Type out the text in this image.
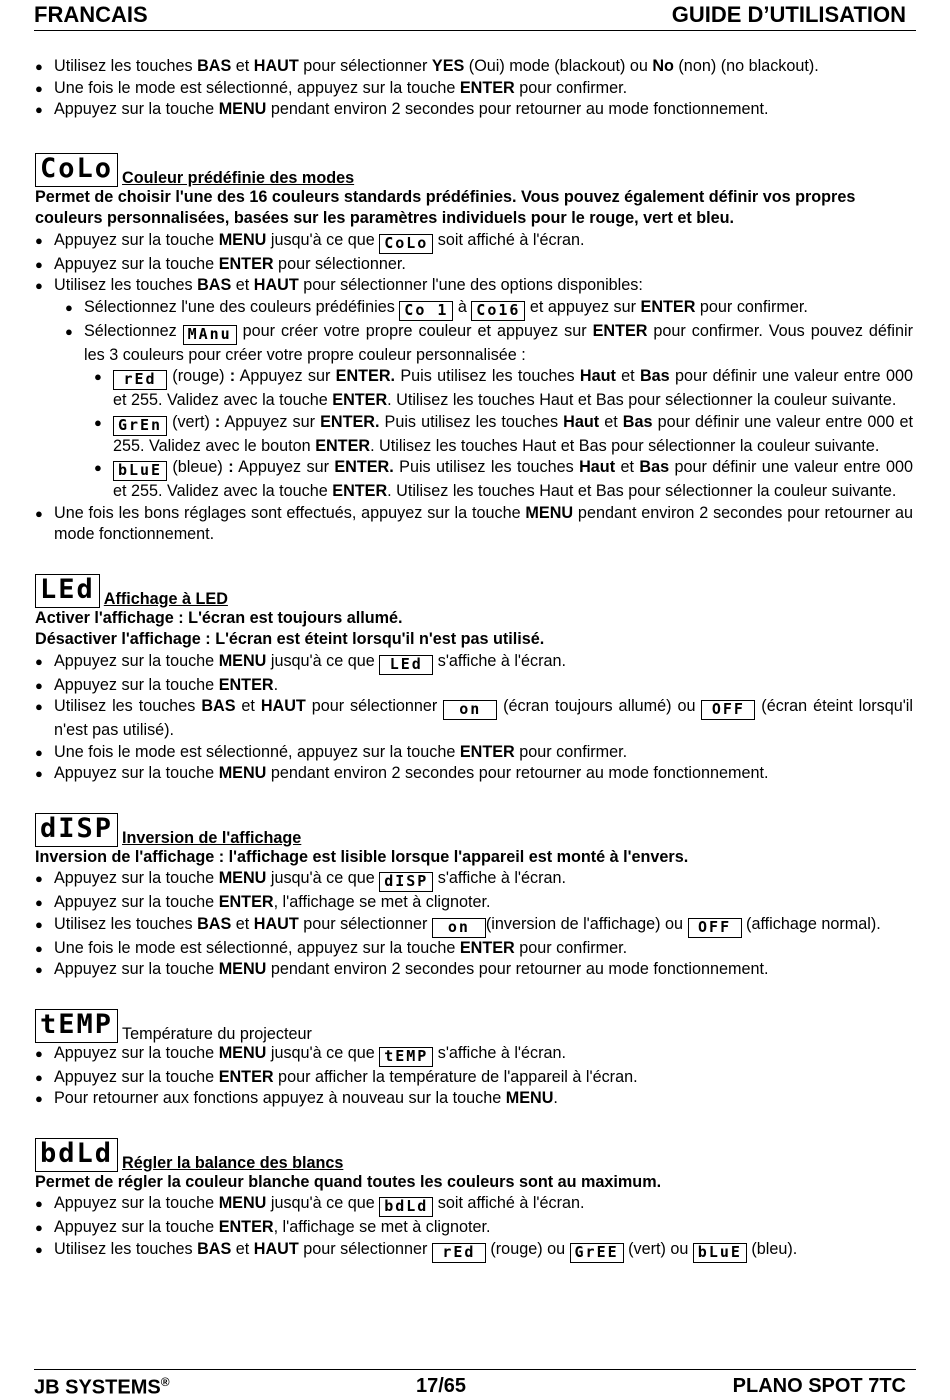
FRANCAIS	GUIDE D’UTILISATION
● Utilisez les touches BAS et HAUT pour sélectionner YES (Oui) mode (blackout) ou No (non) (no blackout).
● Une fois le mode est sélectionné, appuyez sur la touche ENTER pour confirmer.
● Appuyez sur la touche MENU pendant environ 2 secondes pour retourner au mode fonctionnement.
CoLo Couleur prédéfinie des modes
Permet de choisir l'une des 16 couleurs standards prédéfinies. Vous pouvez également définir vos propres couleurs personnalisées, basées sur les paramètres individuels pour le rouge, vert et bleu.
● Appuyez sur la touche MENU jusqu'à ce que CoLo soit affiché à l'écran.
● Appuyez sur la touche ENTER pour sélectionner.
● Utilisez les touches BAS et HAUT pour sélectionner l'une des options disponibles:
● Sélectionnez l'une des couleurs prédéfinies Co 1 à Co16 et appuyez sur ENTER pour confirmer.
● Sélectionnez MAnu pour créer votre propre couleur et appuyez sur ENTER pour confirmer. Vous pouvez définir les 3 couleurs pour créer votre propre couleur personnalisée :
● rEd (rouge) : Appuyez sur ENTER. Puis utilisez les touches Haut et Bas pour définir une valeur entre 000 et 255. Validez avec la touche ENTER. Utilisez les touches Haut et Bas pour sélectionner la couleur suivante.
● GrEn (vert) : Appuyez sur ENTER. Puis utilisez les touches Haut et Bas pour définir une valeur entre 000 et 255. Validez avec le bouton ENTER. Utilisez les touches Haut et Bas pour sélectionner la couleur suivante.
● bLuE (bleue) : Appuyez sur ENTER. Puis utilisez les touches Haut et Bas pour définir une valeur entre 000 et 255. Validez avec la touche ENTER. Utilisez les touches Haut et Bas pour sélectionner la couleur suivante.
● Une fois les bons réglages sont effectués, appuyez sur la touche MENU pendant environ 2 secondes pour retourner au mode fonctionnement.
LEd Affichage à LED
Activer l'affichage : L'écran est toujours allumé.
Désactiver l'affichage : L'écran est éteint lorsqu'il n'est pas utilisé.
● Appuyez sur la touche MENU jusqu'à ce que LEd s'affiche à l'écran.
● Appuyez sur la touche ENTER.
● Utilisez les touches BAS et HAUT pour sélectionner on (écran toujours allumé) ou OFF (écran éteint lorsqu'il n'est pas utilisé).
● Une fois le mode est sélectionné, appuyez sur la touche ENTER pour confirmer.
● Appuyez sur la touche MENU pendant environ 2 secondes pour retourner au mode fonctionnement.
dISP Inversion de l'affichage
Inversion de l'affichage : l'affichage est lisible lorsque l'appareil est monté à l'envers.
● Appuyez sur la touche MENU jusqu'à ce que dISP s'affiche à l'écran.
● Appuyez sur la touche ENTER, l'affichage se met à clignoter.
● Utilisez les touches BAS et HAUT pour sélectionner on (inversion de l'affichage) ou OFF (affichage normal).
● Une fois le mode est sélectionné, appuyez sur la touche ENTER pour confirmer.
● Appuyez sur la touche MENU pendant environ 2 secondes pour retourner au mode fonctionnement.
tEMP Température du projecteur
● Appuyez sur la touche MENU jusqu'à ce que tEMP s'affiche à l'écran.
● Appuyez sur la touche ENTER pour afficher la température de l'appareil à l'écran.
● Pour retourner aux fonctions appuyez à nouveau sur la touche MENU.
bdLd Régler la balance des blancs
Permet de régler la couleur blanche quand toutes les couleurs sont au maximum.
● Appuyez sur la touche MENU jusqu'à ce que bdLd soit affiché à l'écran.
● Appuyez sur la touche ENTER, l'affichage se met à clignoter.
● Utilisez les touches BAS et HAUT pour sélectionner rEd (rouge) ou GrEE (vert) ou bLuE (bleu).
JB SYSTEMS®	17/65	PLANO SPOT 7TC
